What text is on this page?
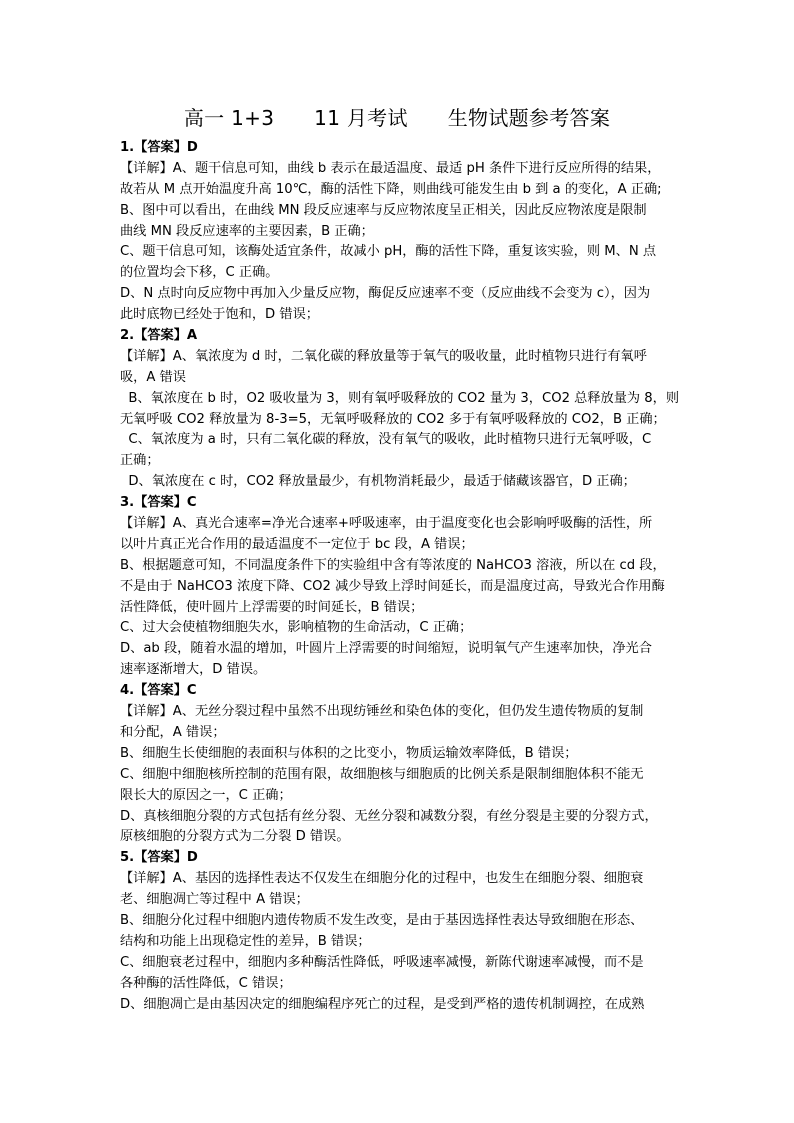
高一 1+3      11 月考试      生物试题参考答案
1.【答案】D
【详解】A、题干信息可知，曲线 b 表示在最适温度、最适 pH 条件下进行反应所得的结果，
故若从 M 点开始温度升高 10℃，酶的活性下降，则曲线可能发生由 b 到 a 的变化，A 正确;
B、图中可以看出，在曲线 MN 段反应速率与反应物浓度呈正相关，因此反应物浓度是限制
曲线 MN 段反应速率的主要因素，B 正确；
C、题干信息可知，该酶处适宜条件，故减小 pH，酶的活性下降，重复该实验，则 M、N 点
的位置均会下移，C 正确。
D、N 点时向反应物中再加入少量反应物，酶促反应速率不变（反应曲线不会变为 c），因为
此时底物已经处于饱和，D 错误；
2.【答案】A
【详解】A、氧浓度为 d 时，二氧化碳的释放量等于氧气的吸收量，此时植物只进行有氧呼
吸，A 错误
B、氧浓度在 b 时，O2 吸收量为 3，则有氧呼吸释放的 CO2 量为 3，CO2 总释放量为 8，则
无氧呼吸 CO2 释放量为 8-3=5，无氧呼吸释放的 CO2 多于有氧呼吸释放的 CO2，B 正确；
C、氧浓度为 a 时，只有二氧化碳的释放，没有氧气的吸收，此时植物只进行无氧呼吸，C
正确；
D、氧浓度在 c 时，CO2 释放量最少，有机物消耗最少，最适于储藏该器官，D 正确；
3.【答案】C
【详解】A、真光合速率=净光合速率+呼吸速率，由于温度变化也会影响呼吸酶的活性，所
以叶片真正光合作用的最适温度不一定位于 bc 段，A 错误；
B、根据题意可知，不同温度条件下的实验组中含有等浓度的 NaHCO3 溶液，所以在 cd 段，
不是由于 NaHCO3 浓度下降、CO2 减少导致上浮时间延长，而是温度过高，导致光合作用酶
活性降低，使叶圆片上浮需要的时间延长，B 错误；
C、过大会使植物细胞失水，影响植物的生命活动，C 正确；
D、ab 段，随着水温的增加，叶圆片上浮需要的时间缩短，说明氧气产生速率加快，净光合
速率逐渐增大，D 错误。
4.【答案】C
【详解】A、无丝分裂过程中虽然不出现纺锤丝和染色体的变化，但仍发生遗传物质的复制
和分配，A 错误；
B、细胞生长使细胞的表面积与体积的之比变小，物质运输效率降低，B 错误；
C、细胞中细胞核所控制的范围有限，故细胞核与细胞质的比例关系是限制细胞体积不能无
限长大的原因之一，C 正确；
D、真核细胞分裂的方式包括有丝分裂、无丝分裂和减数分裂，有丝分裂是主要的分裂方式，
原核细胞的分裂方式为二分裂 D 错误。
5.【答案】D
【详解】A、基因的选择性表达不仅发生在细胞分化的过程中，也发生在细胞分裂、细胞衰
老、细胞凋亡等过程中 A 错误；
B、细胞分化过程中细胞内遗传物质不发生改变，是由于基因选择性表达导致细胞在形态、
结构和功能上出现稳定性的差异，B 错误；
C、细胞衰老过程中，细胞内多种酶活性降低，呼吸速率减慢，新陈代谢速率减慢，而不是
各种酶的活性降低，C 错误；
D、细胞凋亡是由基因决定的细胞编程序死亡的过程，是受到严格的遗传机制调控，在成熟
